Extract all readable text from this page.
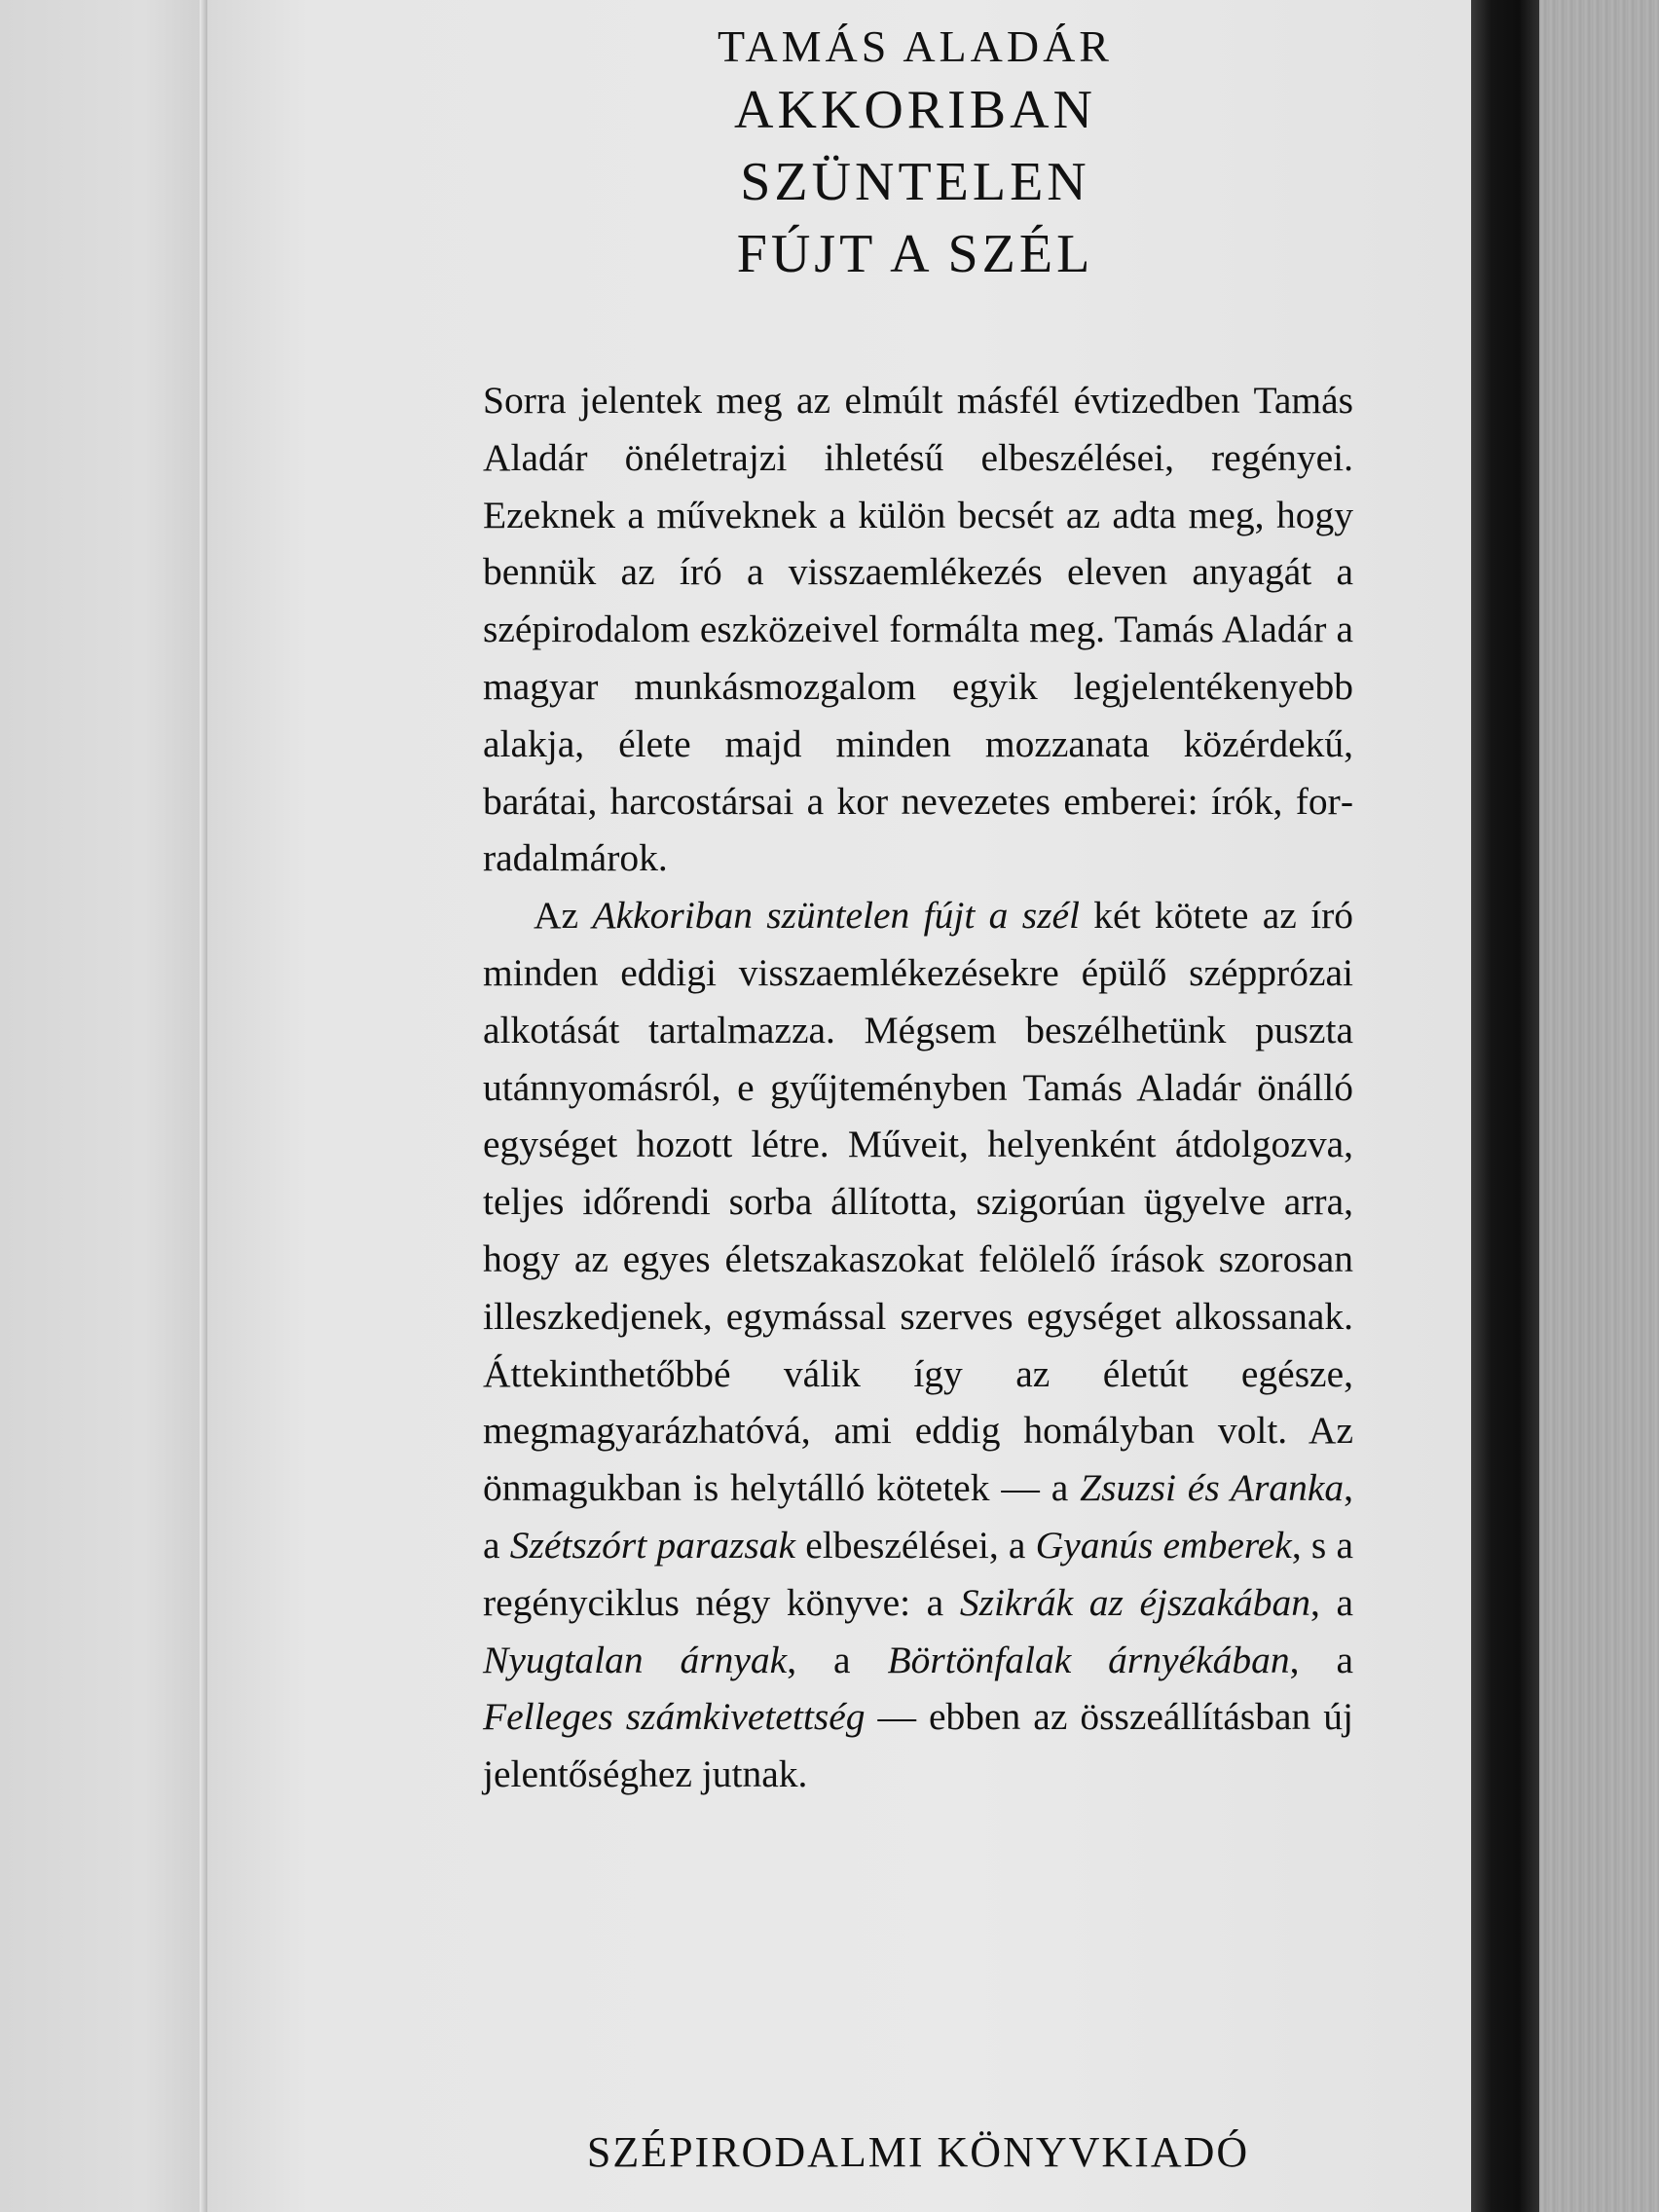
TAMÁS ALADÁR
AKKORIBAN
SZÜNTELEN
FÚJT A SZÉL

Sorra jelentek meg az elmúlt másfél évtizedben Tamás Aladár önéletrajzi ihletésű elbeszélései, regényei. Ezeknek a műveknek a külön becsét az adta meg, hogy bennük az író a visszaemlékezés eleven anyagát a szépirodalom eszközeivel formálta meg. Tamás Aladár a magyar munkásmozgalom egyik legjelentékenyebb alakja, élete majd minden mozzanata közérdekű, barátai, harcostársai a kor nevezetes emberei: írók, forradalmárok.

Az Akkoriban szüntelen fújt a szél két kötete az író minden eddigi visszaemlékezésekre épülő szépprózai alkotását tartalmazza. Mégsem beszélhetünk puszta utánnyomásról, e gyűjteményben Tamás Aladár önálló egységet hozott létre. Műveit, helyenként átdolgozva, teljes időrendi sorba állította, szigorúan ügyelve arra, hogy az egyes életszakaszokat felölelő írások szorosan illeszkedjenek, egymással szerves egységet alkossanak. Áttekinthetőbbé válik így az életút egésze, megmagyarázhatóvá, ami eddig homályban volt. Az önmagukban is helytálló kötetek — a Zsuzsi és Aranka, a Szétszórt parazsak elbeszélései, a Gyanús emberek, s a regényciklus négy könyve: a Szikrák az éjszakában, a Nyugtalan árnyak, a Börtönfalak árnyékában, a Felleges számkivetettség — ebben az összeállításban új jelentőséghez jutnak.

SZÉPIRODALMI KÖNYVKIADÓ
